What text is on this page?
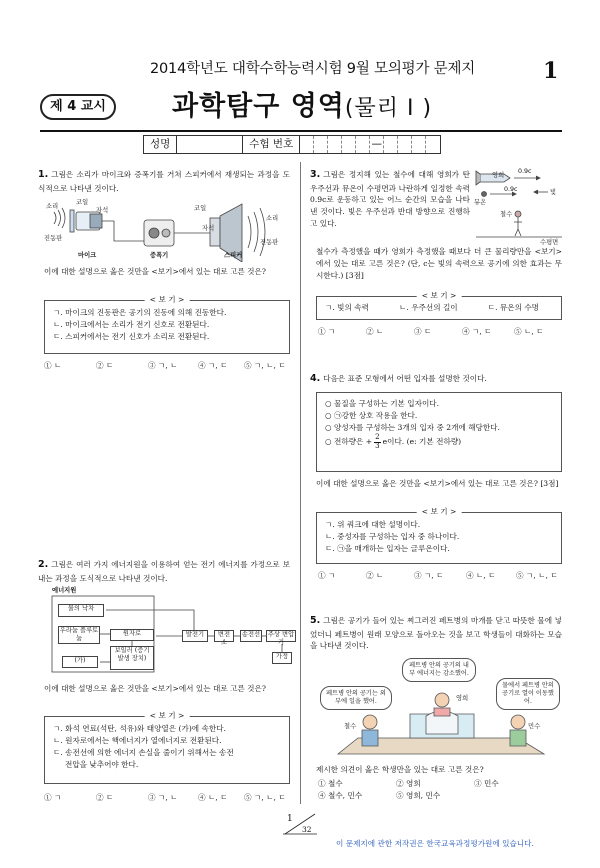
2014학년도 대학수학능력시험 9월 모의평가 문제지	1
제 4 교시	과학탐구 영역(물리 I )
성명	수험 번호	—
1. 그림은 소리가 마이크와 증폭기를 거쳐 스피커에서 재생되는 과정을 도식적으로 나타낸 것이다.
소리
코일
자석
진동판
코일
자석
소리
진동판
마이크	증폭기	스피커
이에 대한 설명으로 옳은 것만을 <보기>에서 있는 대로 고른 것은?
< 보 기 >
ㄱ. 마이크의 진동판은 공기의 진동에 의해 진동한다.
ㄴ. 마이크에서는 소리가 전기 신호로 전환된다.
ㄷ. 스피커에서는 전기 신호가 소리로 전환된다.
① ㄴ	② ㄷ	③ ㄱ, ㄴ	④ ㄱ, ㄷ	⑤ ㄱ, ㄴ, ㄷ
2. 그림은 여러 가지 에너지원을 이용하여 얻는 전기 에너지를 가정으로 보내는 과정을 도식적으로 나타낸 것이다.
에너지원
물의 낙차
우라늄 플루토늄
원자로
(가)
보일러 (증기 발생 장치)
발전기	변전소
송전선 주상 변압기
가정
이에 대한 설명으로 옳은 것만을 <보기>에서 있는 대로 고른 것은?
< 보 기 >
ㄱ. 화석 연료(석탄, 석유)와 태양열은 (가)에 속한다.
ㄴ. 원자로에서는 핵에너지가 열에너지로 전환된다.
ㄷ. 송전선에 의한 에너지 손실을 줄이기 위해서는 송전
전압을 낮추어야 한다.
① ㄱ	② ㄷ	③ ㄱ, ㄴ	④ ㄴ, ㄷ	⑤ ㄱ, ㄴ, ㄷ
3. 그림은 정지해 있는 철수에 대해 영희가 탄 우주선과 뮤온이 수평면과 나란하게 일정한 속력 0.9c로 운동하고 있는 어느 순간의 모습을 나타낸 것이다. 빛은 우주선과 반대 방향으로 진행하고 있다.
영희
0.9c
뮤온
0.9c	빛
철수
수평면
철수가 측정했을 때가 영희가 측정했을 때보다 더 큰 물리량만을 <보기>에서 있는 대로 고른 것은? (단, c는 빛의 속력으로 공기에 의한 효과는 무시한다.) [3점]
< 보 기 >
ㄱ. 빛의 속력	ㄴ. 우주선의 길이	ㄷ. 뮤온의 수명
① ㄱ	② ㄴ	③ ㄷ	④ ㄱ, ㄷ	⑤ ㄴ, ㄷ
4. 다음은 표준 모형에서 어떤 입자를 설명한 것이다.
○ 물질을 구성하는 기본 입자이다.
○ ㉠강한 상호 작용을 한다.
○ 양성자를 구성하는 3개의 입자 중 2개에 해당한다.
○ 전하량은 + $\frac{2}{3}$ e이다. (e: 기본 전하량)
이에 대한 설명으로 옳은 것만을 <보기>에서 있는 대로 고른 것은? [3점]
< 보 기 >
ㄱ. 위 쿼크에 대한 설명이다.
ㄴ. 중성자를 구성하는 입자 중 하나이다.
ㄷ. ㉠을 매개하는 입자는 글루온이다.
① ㄱ	② ㄴ	③ ㄱ, ㄷ	④ ㄴ, ㄷ	⑤ ㄱ, ㄴ, ㄷ
5. 그림은 공기가 들어 있는 찌그러진 페트병의 마개를 닫고 따뜻한 물에 넣었더니 페트병이 원래 모양으로 돌아오는 것을 보고 학생들이 대화하는 모습을 나타낸 것이다.
페트병 안의 공기의 내부 에너지는 감소했어.
페트병 안의 공기는 외부에 일을 했어.
물에서 페트병 안의 공기로 열이 이동했어.
영희
철수	민수
제시한 의견이 옳은 학생만을 있는 대로 고른 것은?
① 철수	② 영희	③ 민수
④ 철수, 민수	⑤ 영희, 민수
1
32
이 문제지에 관한 저작권은 한국교육과정평가원에 있습니다.
